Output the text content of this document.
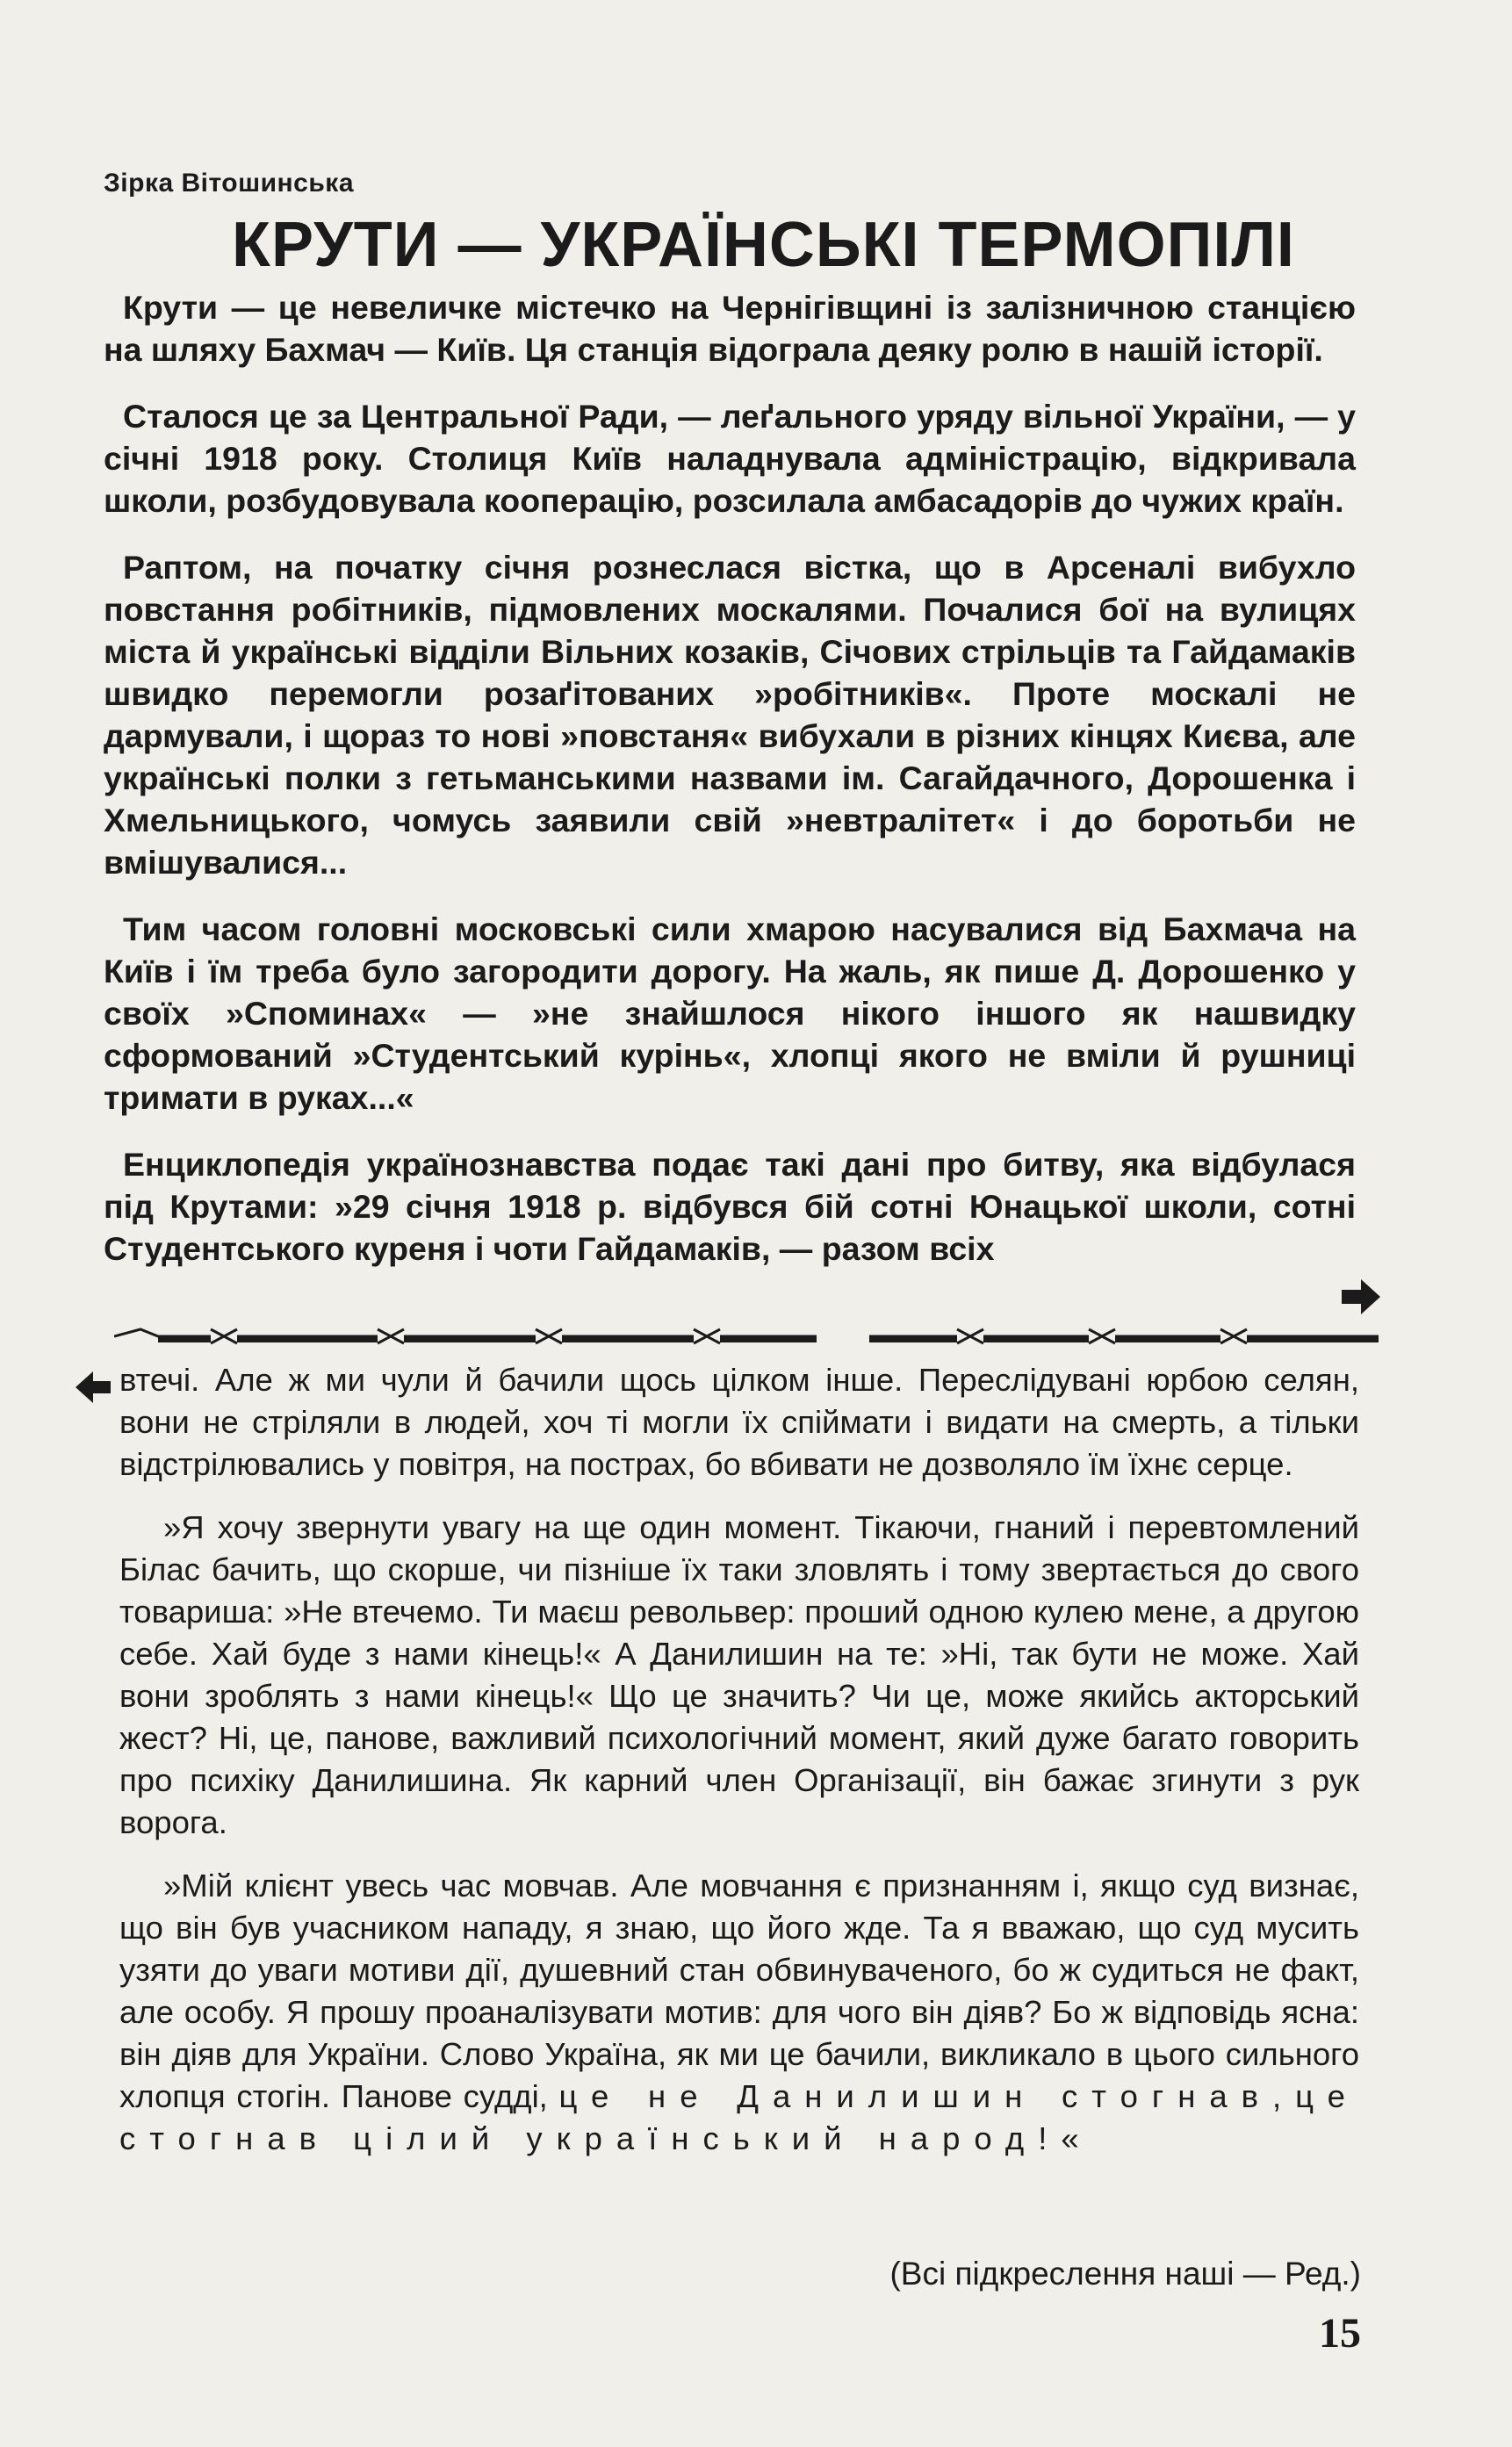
Зірка Вітошинська
КРУТИ — УКРАЇНСЬКІ ТЕРМОПІЛІ

Крути — це невеличке містечко на Чернігівщині із залізничною станцією на шляху Бахмач — Київ. Ця станція відограла деяку ролю в нашій історії.

Сталося це за Центральної Ради, — леґального уряду вільної України, — у січні 1918 року. Столиця Київ наладнувала адміністрацію, відкривала школи, розбудовувала кооперацію, розсилала амбасадорів до чужих країн.

Раптом, на початку січня рознеслася вістка, що в Арсеналі вибухло повстання робітників, підмовлених москалями. Почалися бої на вулицях міста й українські відділи Вільних козаків, Січових стрільців та Гайдамаків швидко перемогли розаґітованих »робітників«. Проте москалі не дармували, і щораз то нові »повстаня« вибухали в різних кінцях Києва, але українські полки з гетьманськими назвами ім. Сагайдачного, Дорошенка і Хмельницького, чомусь заявили свій »невтралітет« і до боротьби не вмішувалися...

Тим часом головні московські сили хмарою насувалися від Бахмача на Київ і їм треба було загородити дорогу. На жаль, як пише Д. Дорошенко у своїх »Споминах« — »не знайшлося нікого іншого як нашвидку сформований »Студентський курінь«, хлопці якого не вміли й рушниці тримати в руках...«

Енциклопедія українознавства подає такі дані про битву, яка відбулася під Крутами: »29 січня 1918 р. відбувся бій сотні Юнацької школи, сотні Студентського куреня і чоти Гайдамаків, — разом всіх

втечі. Але ж ми чули й бачили щось цілком інше. Переслідувані юрбою селян, вони не стріляли в людей, хоч ті могли їх спіймати і видати на смерть, а тільки відстрілювались у повітря, на пострах, бо вбивати не дозволяло їм їхнє серце.

»Я хочу звернути увагу на ще один момент. Тікаючи, гнаний і перевтомлений Білас бачить, що скорше, чи пізніше їх таки зловлять і тому звертається до свого товариша: »Не втечемо. Ти маєш револьвер: проший одною кулею мене, а другою себе. Хай буде з нами кінець!« А Данилишин на те: »Ні, так бути не може. Хай вони зроблять з нами кінець!« Що це значить? Чи це, може якийсь акторський жест? Ні, це, панове, важливий психологічний момент, який дуже багато говорить про психіку Данилишина. Як карний член Організації, він бажає згинути з рук ворога.

»Мій клієнт увесь час мовчав. Але мовчання є признанням і, якщо суд визнає, що він був учасником нападу, я знаю, що його жде. Та я вважаю, що суд мусить узяти до уваги мотиви дії, душевний стан обвинуваченого, бо ж судиться не факт, але особу. Я прошу проаналізувати мотив: для чого він діяв? Бо ж відповідь ясна: він діяв для України. Слово Україна, як ми це бачили, викликало в цього сильного хлопця стогін. Панове судді, це не Данилишин стогнав,це стогнав цілий український народ!«

(Всі підкреслення наші — Ред.)
15
